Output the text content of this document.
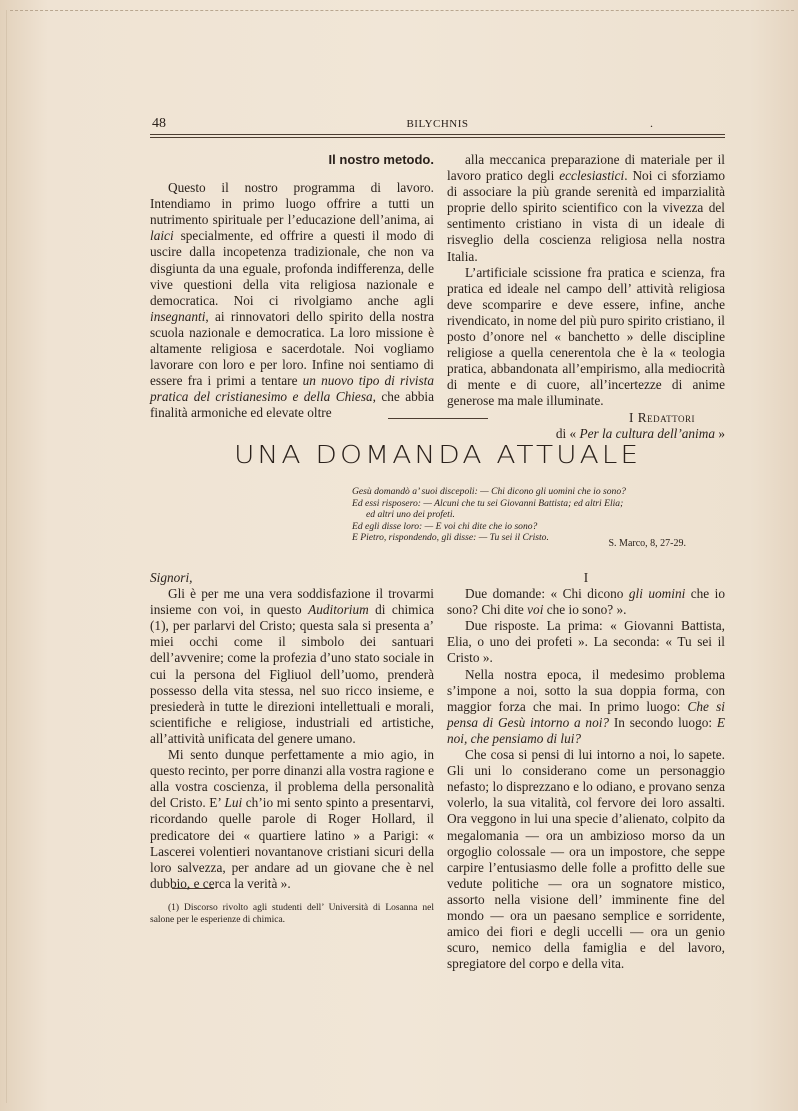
48	BILYCHNIS	.
Il nostro metodo.

Questo il nostro programma di lavoro. Intendiamo in primo luogo offrire a tutti un nutrimento spirituale per l’educazione dell’anima, ai laici specialmente, ed offrire a questi il modo di uscire dalla incopetenza tradizionale, che non va disgiunta da una eguale, profonda indifferenza, delle vive questioni della vita religiosa nazionale e democratica. Noi ci rivolgiamo anche agli insegnanti, ai rinnovatori dello spirito della nostra scuola nazionale e democratica. La loro missione è altamente religiosa e sacerdotale. Noi vogliamo lavorare con loro e per loro. Infine noi sentiamo di essere fra i primi a tentare un nuovo tipo di rivista pratica del cristianesimo e della Chiesa, che abbia finalità armoniche ed elevate oltre

alla meccanica preparazione di materiale per il lavoro pratico degli ecclesiastici. Noi ci sforziamo di associare la più grande serenità ed imparzialità proprie dello spirito scientifico con la vivezza del sentimento cristiano in vista di un ideale di risveglio della coscienza religiosa nella nostra Italia.

L’artificiale scissione fra pratica e scienza, fra pratica ed ideale nel campo dell’ attività religiosa deve scomparire e deve essere, infine, anche rivendicato, in nome del più puro spirito cristiano, il posto d’onore nel « banchetto » delle discipline religiose a quella cenerentola che è la « teologia pratica, abbandonata all’empirismo, alla mediocrità di mente e di cuore, all’incertezze di anime generose ma male illuminate.

I Redattori
di « Per la cultura dell’anima »
UNA DOMANDA ATTUALE
Gesù domandò a’ suoi discepoli: — Chi dicono gli uomini che io sono?
Ed essi risposero: — Alcuni che tu sei Giovanni Battista; ed altri Elia;
ed altri uno dei profeti.
Ed egli disse loro: — E voi chi dite che io sono?
E Pietro, rispondendo, gli disse: — Tu sei il Cristo.
S. Marco, 8, 27-29.

Signori,

Gli è per me una vera soddisfazione il trovarmi insieme con voi, in questo Auditorium di chimica (1), per parlarvi del Cristo; questa sala si presenta a’ miei occhi come il simbolo dei santuari dell’avvenire; come la profezia d’uno stato sociale in cui la persona del Figliuol dell’uomo, prenderà possesso della vita stessa, nel suo ricco insieme, e presiederà in tutte le direzioni intellettuali e morali, scientifiche e religiose, industriali ed artistiche, all’attività unificata del genere umano.

Mi sento dunque perfettamente a mio agio, in questo recinto, per porre dinanzi alla vostra ragione e alla vostra coscienza, il problema della personalità del Cristo. E’ Lui ch’io mi sento spinto a presentarvi, ricordando quelle parole di Roger Hollard, il predicatore dei « quartiere latino » a Parigi: « Lascerei volentieri novantanove cristiani sicuri della loro salvezza, per andare ad un giovane che è nel dubbio, e cerca la verità ».

I

Due domande: « Chi dicono gli uomini che io sono? Chi dite voi che io sono? ».

Due risposte. La prima: « Giovanni Battista, Elia, o uno dei profeti ». La seconda: « Tu sei il Cristo ».

Nella nostra epoca, il medesimo problema s’impone a noi, sotto la sua doppia forma, con maggior forza che mai. In primo luogo: Che si pensa di Gesù intorno a noi? In secondo luogo: E noi, che pensiamo di lui?

Che cosa si pensi di lui intorno a noi, lo sapete. Gli uni lo considerano come un personaggio nefasto; lo disprezzano e lo odiano, e provano senza volerlo, la sua vitalità, col fervore dei loro assalti. Ora veggono in lui una specie d’alienato, colpito da megalomania — ora un ambizioso morso da un orgoglio colossale — ora un impostore, che seppe carpire l’entusiasmo delle folle a profitto delle sue vedute politiche — ora un sognatore mistico, assorto nella visione dell’ imminente fine del mondo — ora un paesano semplice e sorridente, amico dei fiori e degli uccelli — ora un genio scuro, nemico della famiglia e del lavoro, spregiatore del corpo e della vita.

(1) Discorso rivolto agli studenti dell’ Università di Losanna nel salone per le esperienze di chimica.
